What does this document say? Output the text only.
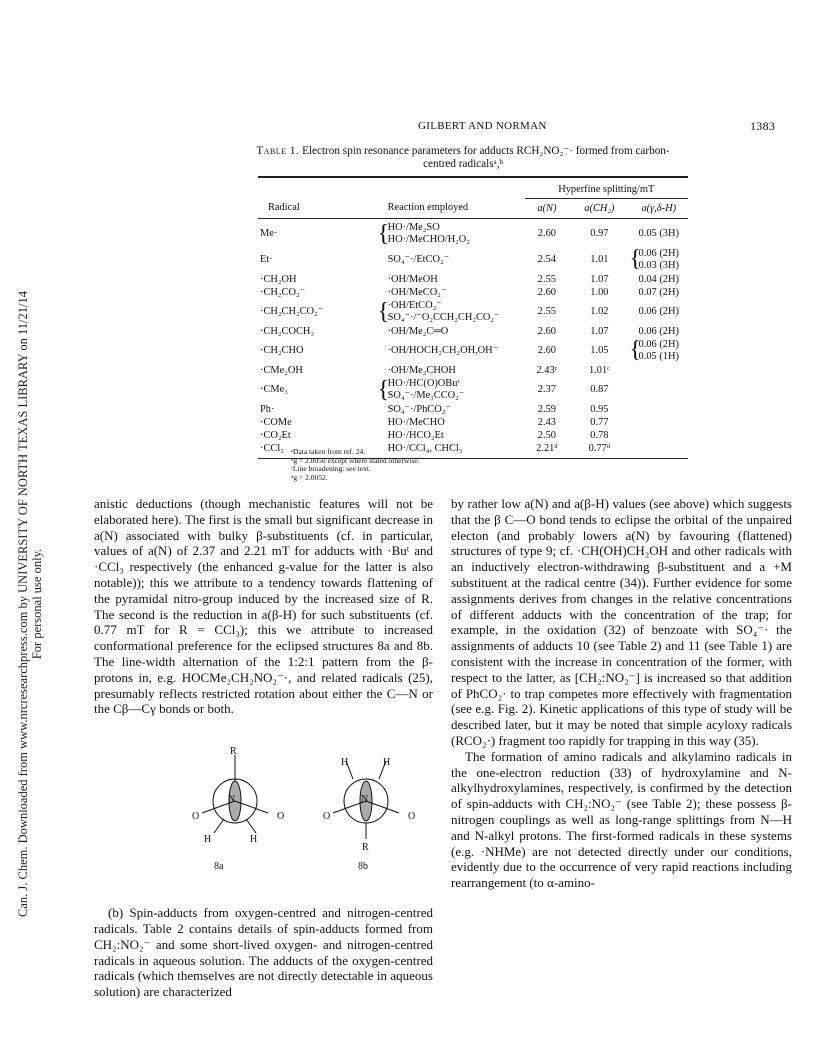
Can. J. Chem. Downloaded from www.nrcresearchpress.com by UNIVERSITY OF NORTH TEXAS LIBRARY on 11/21/14 For personal use only.
GILBERT AND NORMAN	1383
Table 1. Electron spin resonance parameters for adducts RCH₂NO₂⁻· formed from carbon-centred radicalsᵃ,ᵇ

		Hyperfine splitting/mT		
Radical	Reaction employed	a(N)	a(CH₂)	a(γ,δ-H)

Me·	{
HO·/Me₂SO
HO·/MeCHO/H₂O₂	2.60	0.97	0.05 (3H)

Et·	SO₄⁻·/EtCO₂⁻	2.54	1.01	{
0.06 (2H)
0.03 (3H)

·CH₂OH	·OH/MeOH	2.55	1.07	0.04 (2H)

·CH₂CO₂⁻	·OH/MeCO₂⁻	2.60	1.00	0.07 (2H)

·CH₂CH₂CO₂⁻	{
·OH/EtCO₂⁻
SO₄⁻·/⁻O₂CCH₂CH₂CO₂⁻	2.55	1.02	0.06 (2H)

·CH₂COCH₃	·OH/Me₂C═O	2.60	1.07	0.06 (2H)

·CH₂CHO	·OH/HOCH₂CH₂OH,OH⁻	2.60	1.05	{
0.06 (2H)
0.05 (1H)

·CMe₂OH	·OH/Me₂CHOH	2.43ᶜ	1.01ᶜ	
·CMe₃	{
HO·/HC(O)OBuᵗ
SO₄⁻·/Me₃CCO₂⁻	2.37	0.87	
Ph·	SO₄⁻·/PhCO₂⁻	2.59	0.95	
·COMe	HO·/MeCHO	2.43	0.77	
·CO₂Et	HO·/HCO₂Et	2.50	0.78	
·CCl₃	HO·/CCl₄, CHCl₃	2.21ᵈ	0.77ᵈ	

ᵃData taken from ref. 24.
ᵇg = 2.0050 except where stated otherwise.
ᶜLine broadening: see text.
ᵈg = 2.0052.

anistic deductions (though mechanistic features will not be elaborated here). The first is the small but significant decrease in a(N) associated with bulky β-substituents (cf. in particular, values of a(N) of 2.37 and 2.21 mT for adducts with ·Buᵗ and ·CCl₃ respectively (the enhanced g-value for the latter is also notable)); this we attribute to a tendency towards flattening of the pyramidal nitro-group induced by the increased size of R. The second is the reduction in a(β-H) for such substituents (cf. 0.77 mT for R = CCl₃); this we attribute to increased conformational preference for the eclipsed structures 8a and 8b. The line-width alternation of the 1:2:1 pattern from the β-protons in, e.g. HOCMe₂CH₂NO₂⁻·, and related radicals (25), presumably reflects restricted rotation about either the C—N or the Cβ—Cγ bonds or both.

(b) Spin-adducts from oxygen-centred and nitrogen-centred radicals. Table 2 contains details of spin-adducts formed from CH₂:NO₂⁻ and some short-lived oxygen- and nitrogen-centred radicals in aqueous solution. The adducts of the oxygen-centred radicals (which themselves are not directly detectable in aqueous solution) are characterized

R
N
O	O
H	H
8a
H	H
N
O	O
R
8b

by rather low a(N) and a(β-H) values (see above) which suggests that the β C—O bond tends to eclipse the orbital of the unpaired electon (and probably lowers a(N) by favouring (flattened) structures of type 9; cf. ·CH(OH)CH₂OH and other radicals with an inductively electron-withdrawing β-substituent and a +M substituent at the radical centre (34)). Further evidence for some assignments derives from changes in the relative concentrations of different adducts with the concentration of the trap; for example, in the oxidation (32) of benzoate with SO₄⁻· the assignments of adducts 10 (see Table 2) and 11 (see Table 1) are consistent with the increase in concentration of the former, with respect to the latter, as [CH₂:NO₂⁻] is increased so that addition of PhCO₂· to trap competes more effectively with fragmentation (see e.g. Fig. 2). Kinetic applications of this type of study will be described later, but it may be noted that simple acyloxy radicals (RCO₂·) fragment too rapidly for trapping in this way (35).

The formation of amino radicals and alkylamino radicals in the one-electron reduction (33) of hydroxylamine and N-alkylhydroxylamines, respectively, is confirmed by the detection of spin-adducts with CH₂:NO₂⁻ (see Table 2); these possess β-nitrogen couplings as well as long-range splittings from N—H and N-alkyl protons. The first-formed radicals in these systems (e.g. ·NHMe) are not detected directly under our conditions, evidently due to the occurrence of very rapid reactions including rearrangement (to α-amino-
